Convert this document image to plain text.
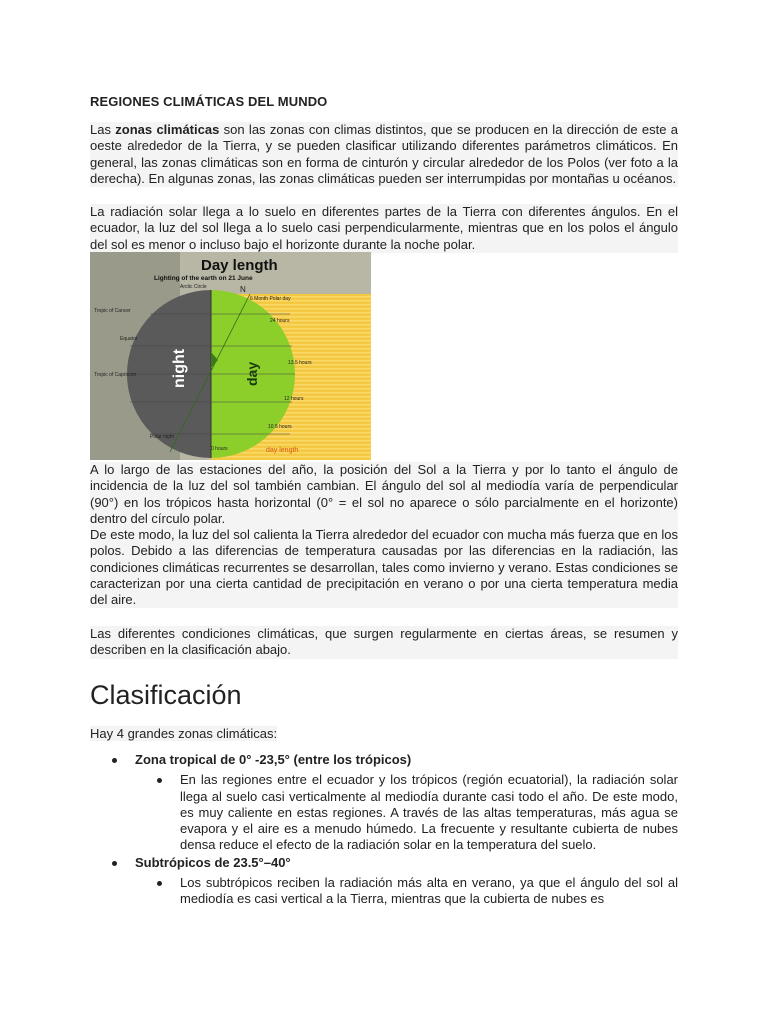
REGIONES CLIMÁTICAS DEL MUNDO
Las zonas climáticas son las zonas con climas distintos, que se producen en la dirección de este a oeste alrededor de la Tierra, y se pueden clasificar utilizando diferentes parámetros climáticos. En general, las zonas climáticas son en forma de cinturón y circular alrededor de los Polos (ver foto a la derecha). En algunas zonas, las zonas climáticas pueden ser interrumpidas por montañas u océanos.
La radiación solar llega a lo suelo en diferentes partes de la Tierra con diferentes ángulos. En el ecuador, la luz del sol llega a lo suelo casi perpendicularmente, mientras que en los polos el ángulo del sol es menor o incluso bajo el horizonte durante la noche polar.
Day length
Lighting of the earth on 21 June
N
Arctic Circle
Tropic of Cancer
Equator
Tropic of Capricorn
Polar night
6 Month Polar day
24 hours
13.5 hours
12 hours
10.5 hours
0 hours	day length
night	day
A lo largo de las estaciones del año, la posición del Sol a la Tierra y por lo tanto el ángulo de incidencia de la luz del sol también cambian. El ángulo del sol al mediodía varía de perpendicular (90°) en los trópicos hasta horizontal (0° = el sol no aparece o sólo parcialmente en el horizonte) dentro del círculo polar.
De este modo, la luz del sol calienta la Tierra alrededor del ecuador con mucha más fuerza que en los polos. Debido a las diferencias de temperatura causadas por las diferencias en la radiación, las condiciones climáticas recurrentes se desarrollan, tales como invierno y verano. Estas condiciones se caracterizan por una cierta cantidad de precipitación en verano o por una cierta temperatura media del aire.
Las diferentes condiciones climáticas, que surgen regularmente en ciertas áreas, se resumen y describen en la clasificación abajo.
Clasificación
Hay 4 grandes zonas climáticas:
Zona tropical de 0° -23,5° (entre los trópicos)
En las regiones entre el ecuador y los trópicos (región ecuatorial), la radiación solar llega al suelo casi verticalmente al mediodía durante casi todo el año. De este modo, es muy caliente en estas regiones. A través de las altas temperaturas, más agua se evapora y el aire es a menudo húmedo. La frecuente y resultante cubierta de nubes densa reduce el efecto de la radiación solar en la temperatura del suelo.
Subtrópicos de 23.5°–40°
Los subtrópicos reciben la radiación más alta en verano, ya que el ángulo del sol al mediodía es casi vertical a la Tierra, mientras que la cubierta de nubes es
